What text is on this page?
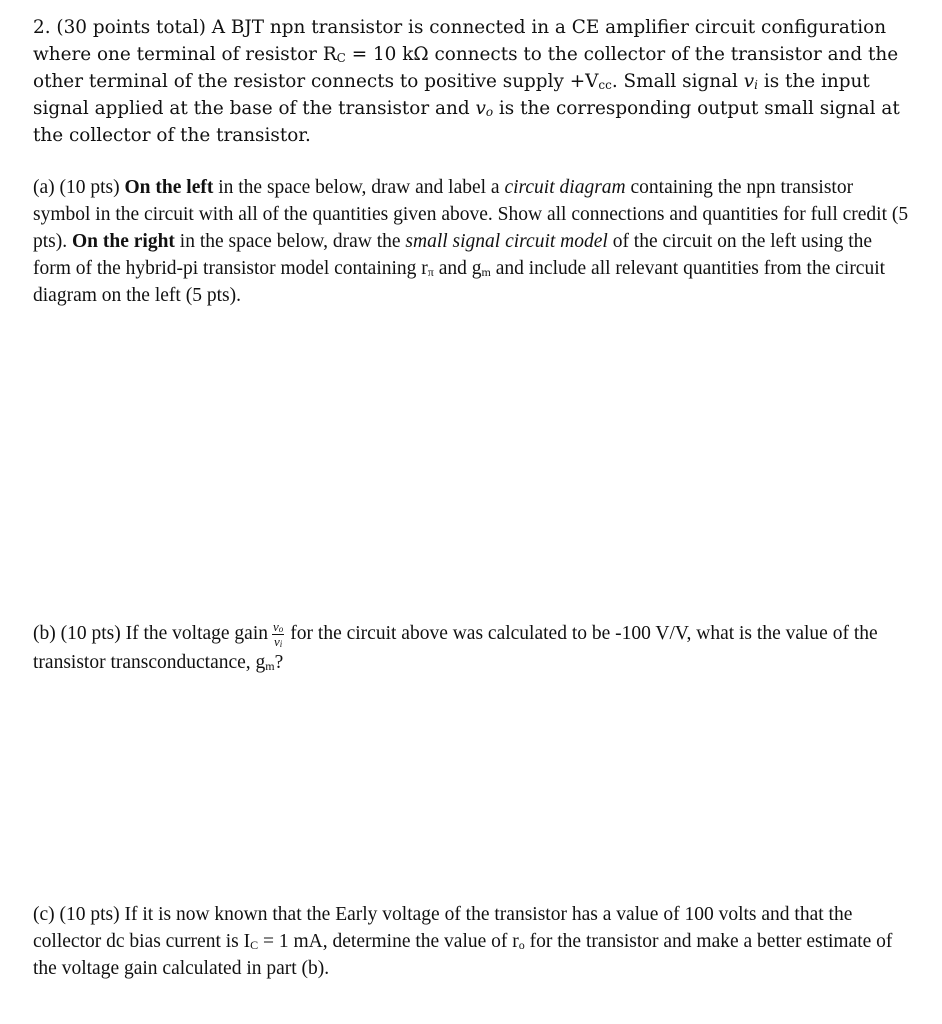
2. (30 points total) A BJT npn transistor is connected in a CE amplifier circuit configuration where one terminal of resistor $R_C = 10$ kΩ connects to the collector of the transistor and the other terminal of the resistor connects to positive supply $+V_{cc}$. Small signal $v_i$ is the input signal applied at the base of the transistor and $v_o$ is the corresponding output small signal at the collector of the transistor.

(a) (10 pts) On the left in the space below, draw and label a circuit diagram containing the npn transistor symbol in the circuit with all of the quantities given above. Show all connections and quantities for full credit (5 pts). On the right in the space below, draw the small signal circuit model of the circuit on the left using the form of the hybrid-pi transistor model containing $r_\pi$ and $g_m$ and include all relevant quantities from the circuit diagram on the left (5 pts).

(b) (10 pts) If the voltage gain $\frac{v_o}{v_i}$ for the circuit above was calculated to be -100 V/V, what is the value of the transistor transconductance, $g_m$?

(c) (10 pts) If it is now known that the Early voltage of the transistor has a value of 100 volts and that the collector dc bias current is $I_C = 1$ mA, determine the value of $r_o$ for the transistor and make a better estimate of the voltage gain calculated in part (b).
